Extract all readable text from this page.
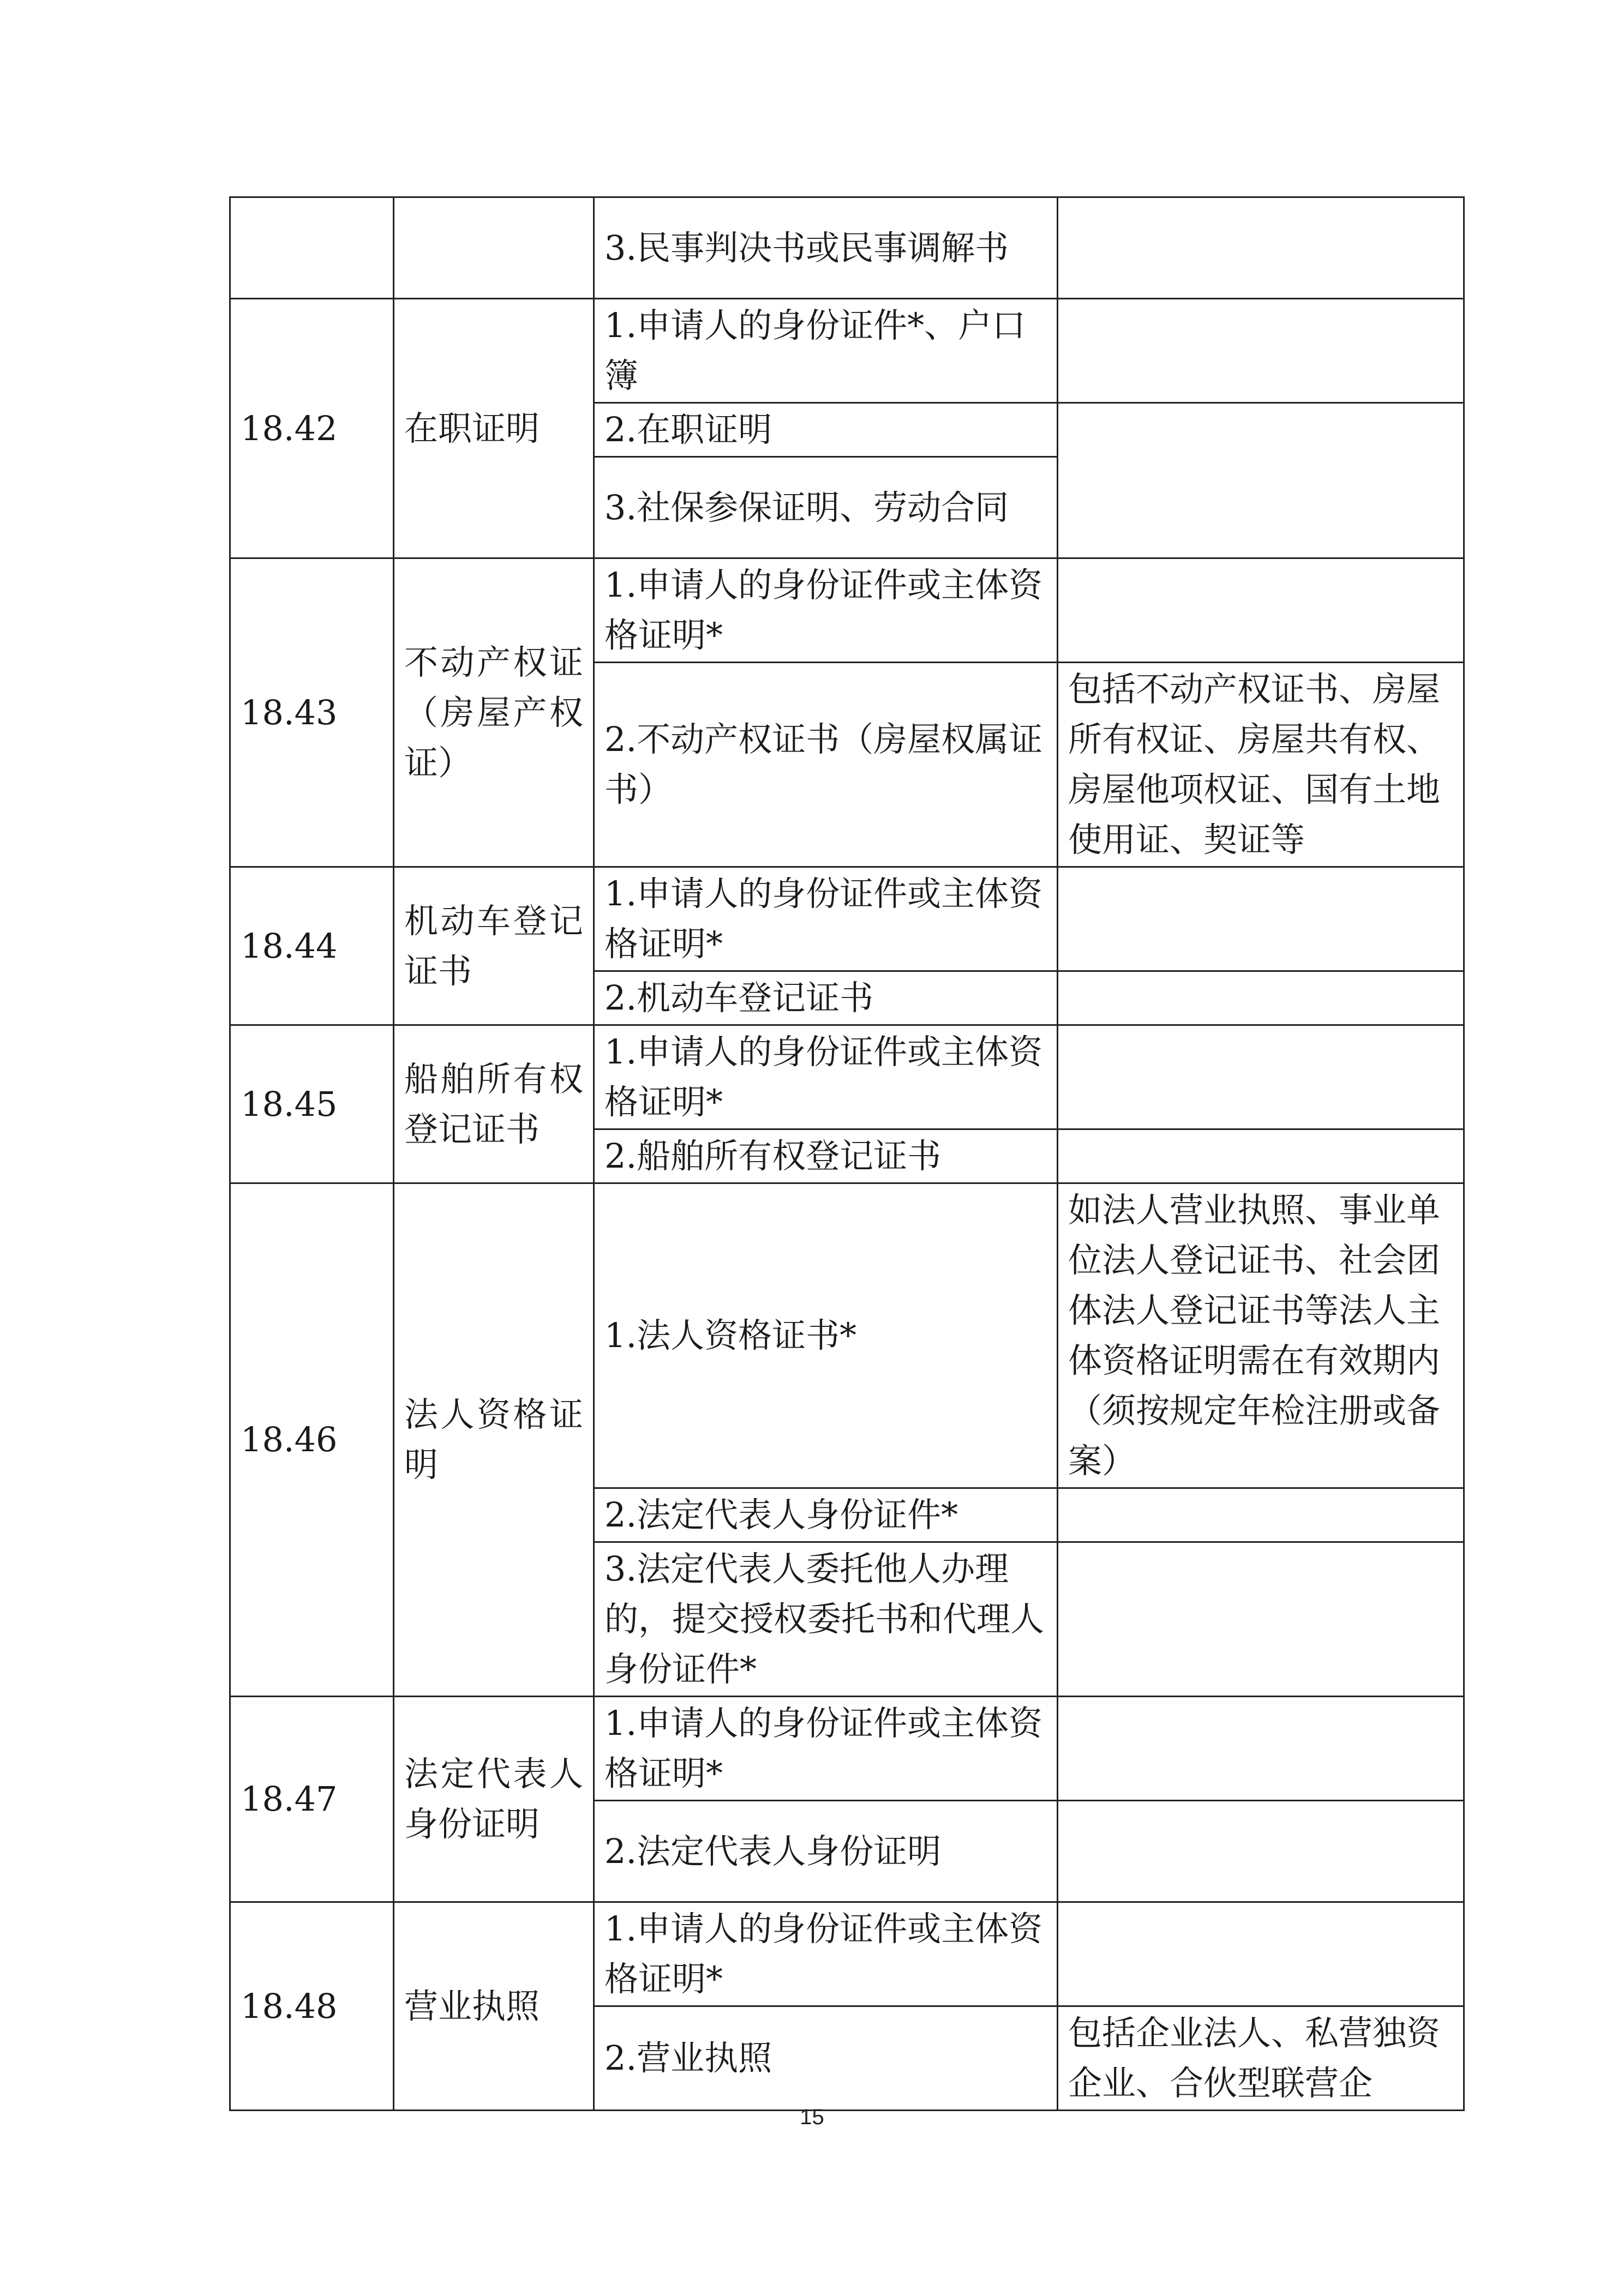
		3.民事判决书或民事调解书	
18.42	在职证明	1.申请人的身份证件*、户口簿	
		2.在职证明	
		3.社保参保证明、劳动合同	
18.43	不动产权证（房屋产权证）	1.申请人的身份证件或主体资格证明*	
		2.不动产权证书（房屋权属证书）	包括不动产权证书、房屋所有权证、房屋共有权、房屋他项权证、国有土地使用证、契证等
18.44	机动车登记证书	1.申请人的身份证件或主体资格证明*	
		2.机动车登记证书	
18.45	船舶所有权登记证书	1.申请人的身份证件或主体资格证明*	
		2.船舶所有权登记证书	
18.46	法人资格证明	1.法人资格证书*	如法人营业执照、事业单位法人登记证书、社会团体法人登记证书等法人主体资格证明需在有效期内（须按规定年检注册或备案）
		2.法定代表人身份证件*	
		3.法定代表人委托他人办理的，提交授权委托书和代理人身份证件*	
18.47	法定代表人身份证明	1.申请人的身份证件或主体资格证明*	
		2.法定代表人身份证明	
18.48	营业执照	1.申请人的身份证件或主体资格证明*	
		2.营业执照	包括企业法人、私营独资企业、合伙型联营企
15
